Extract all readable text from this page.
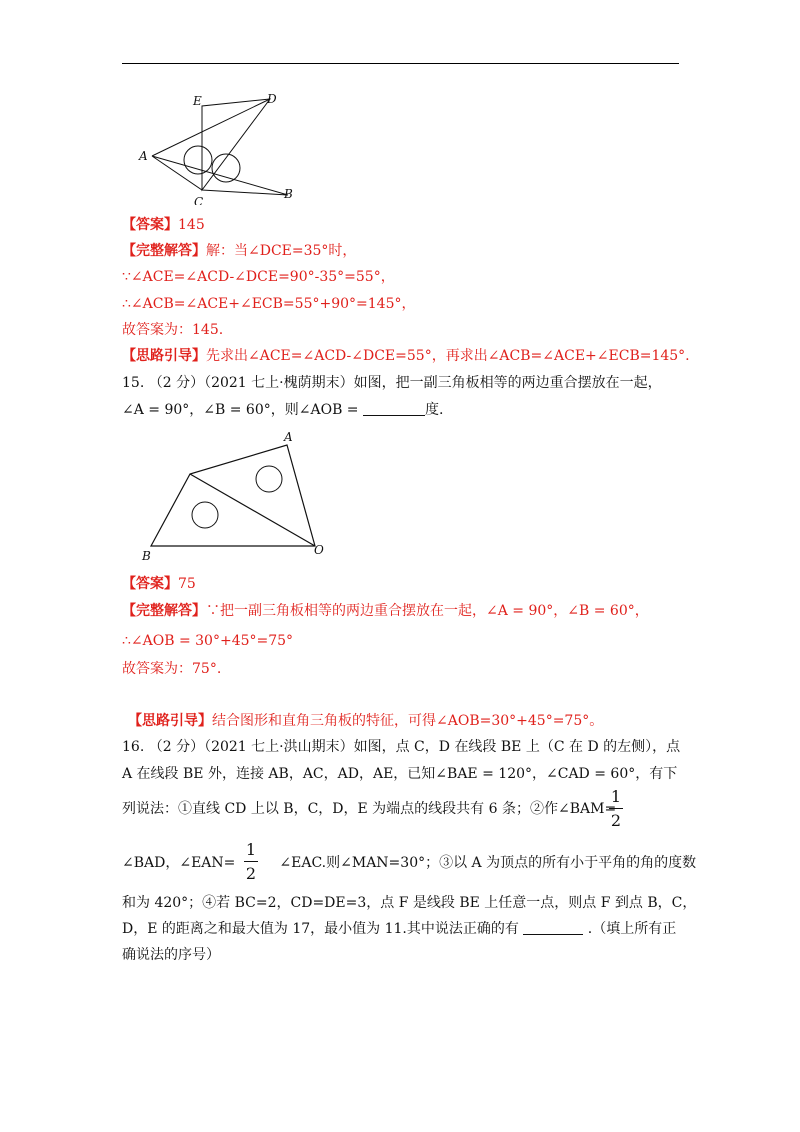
E	D
A
C
B
【答案】145
【完整解答】解：当∠DCE=35°时，
∵∠ACE=∠ACD-∠DCE=90°-35°=55°，
∴∠ACB=∠ACE+∠ECB=55°+90°=145°，
故答案为：145.
【思路引导】先求出∠ACE=∠ACD-∠DCE=55°，再求出∠ACB=∠ACE+∠ECB=145°.
15. （2 分）（2021 七上·槐荫期末）如图，把一副三角板相等的两边重合摆放在一起，
∠A = 90°，∠B = 60°，则∠AOB =	度.
A
B	O
【答案】75
【完整解答】∵把一副三角板相等的两边重合摆放在一起，∠A = 90°，∠B = 60°，
∴∠AOB = 30°+45°=75°
故答案为：75°.
【思路引导】结合图形和直角三角板的特征，可得∠AOB=30°+45°=75°。
16. （2 分）（2021 七上·洪山期末）如图，点 C，D 在线段 BE 上（C 在 D 的左侧），点
A 在线段 BE 外，连接 AB，AC，AD，AE，已知∠BAE = 120°，∠CAD = 60°，有下
列说法：①直线 CD 上以 B，C，D，E 为端点的线段共有 6 条；②作∠BAM=
1
2
∠BAD，∠EAN=	∠EAC.则∠MAN=30°；③以 A 为顶点的所有小于平角的角的度数
1
2
和为 420°；④若 BC=2，CD=DE=3，点 F 是线段 BE 上任意一点，则点 F 到点 B，C，
D，E 的距离之和最大值为 17，最小值为 11.其中说法正确的有	.（填上所有正
确说法的序号）
